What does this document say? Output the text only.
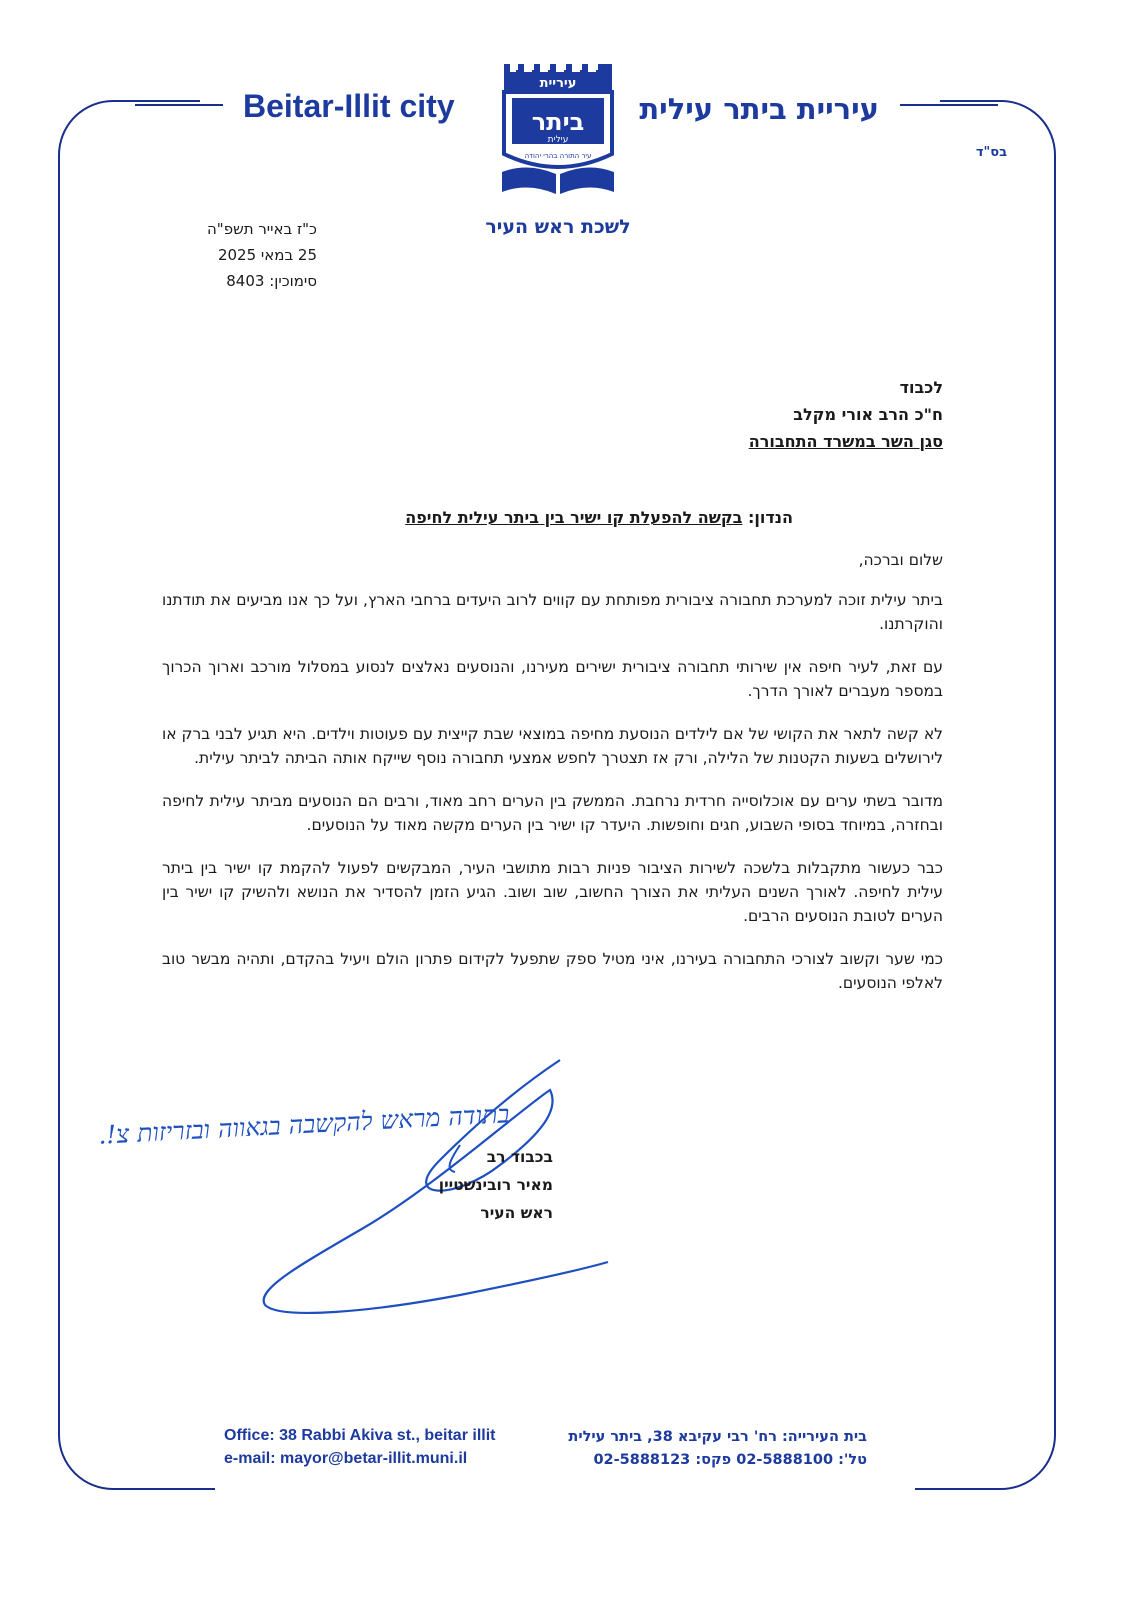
Beitar-Illit city	עיריית ביתר עילית
בס"ד
עיריית
ביתר
עילית
עיר התורה בהרי יהודה
לשכת ראש העיר
כ"ז באייר תשפ"ה
25 במאי 2025
סימוכין: 8403
לכבוד
ח"כ הרב אורי מקלב
סגן השר במשרד התחבורה
הנדון: בקשה להפעלת קו ישיר בין ביתר עילית לחיפה

שלום וברכה,

ביתר עילית זוכה למערכת תחבורה ציבורית מפותחת עם קווים לרוב היעדים ברחבי הארץ, ועל כך אנו מביעים את תודתנו והוקרתנו.

עם זאת, לעיר חיפה אין שירותי תחבורה ציבורית ישירים מעירנו, והנוסעים נאלצים לנסוע במסלול מורכב וארוך הכרוך במספר מעברים לאורך הדרך.

לא קשה לתאר את הקושי של אם לילדים הנוסעת מחיפה במוצאי שבת קייצית עם פעוטות וילדים. היא תגיע לבני ברק או לירושלים בשעות הקטנות של הלילה, ורק אז תצטרך לחפש אמצעי תחבורה נוסף שייקח אותה הביתה לביתר עילית.

מדובר בשתי ערים עם אוכלוסייה חרדית נרחבת. הממשק בין הערים רחב מאוד, ורבים הם הנוסעים מביתר עילית לחיפה ובחזרה, במיוחד בסופי השבוע, חגים וחופשות. היעדר קו ישיר בין הערים מקשה מאוד על הנוסעים.

כבר כעשור מתקבלות בלשכה לשירות הציבור פניות רבות מתושבי העיר, המבקשים לפעול להקמת קו ישיר בין ביתר עילית לחיפה. לאורך השנים העליתי את הצורך החשוב, שוב ושוב. הגיע הזמן להסדיר את הנושא ולהשיק קו ישיר בין הערים לטובת הנוסעים הרבים.

כמי שער וקשוב לצורכי התחבורה בעירנו, איני מטיל ספק שתפעל לקידום פתרון הולם ויעיל בהקדם, ותהיה מבשר טוב לאלפי הנוסעים.

בתודה מראש להקשבה בגאווה ובזריזות צ!.
בכבוד רב
מאיר רובינשטיין
ראש העיר
Office: 38 Rabbi Akiva st., beitar illit
e-mail: mayor@betar-illit.muni.il
בית העירייה: רח' רבי עקיבא 38, ביתר עילית
טל': 02-5888100 פקס: 02-5888123
